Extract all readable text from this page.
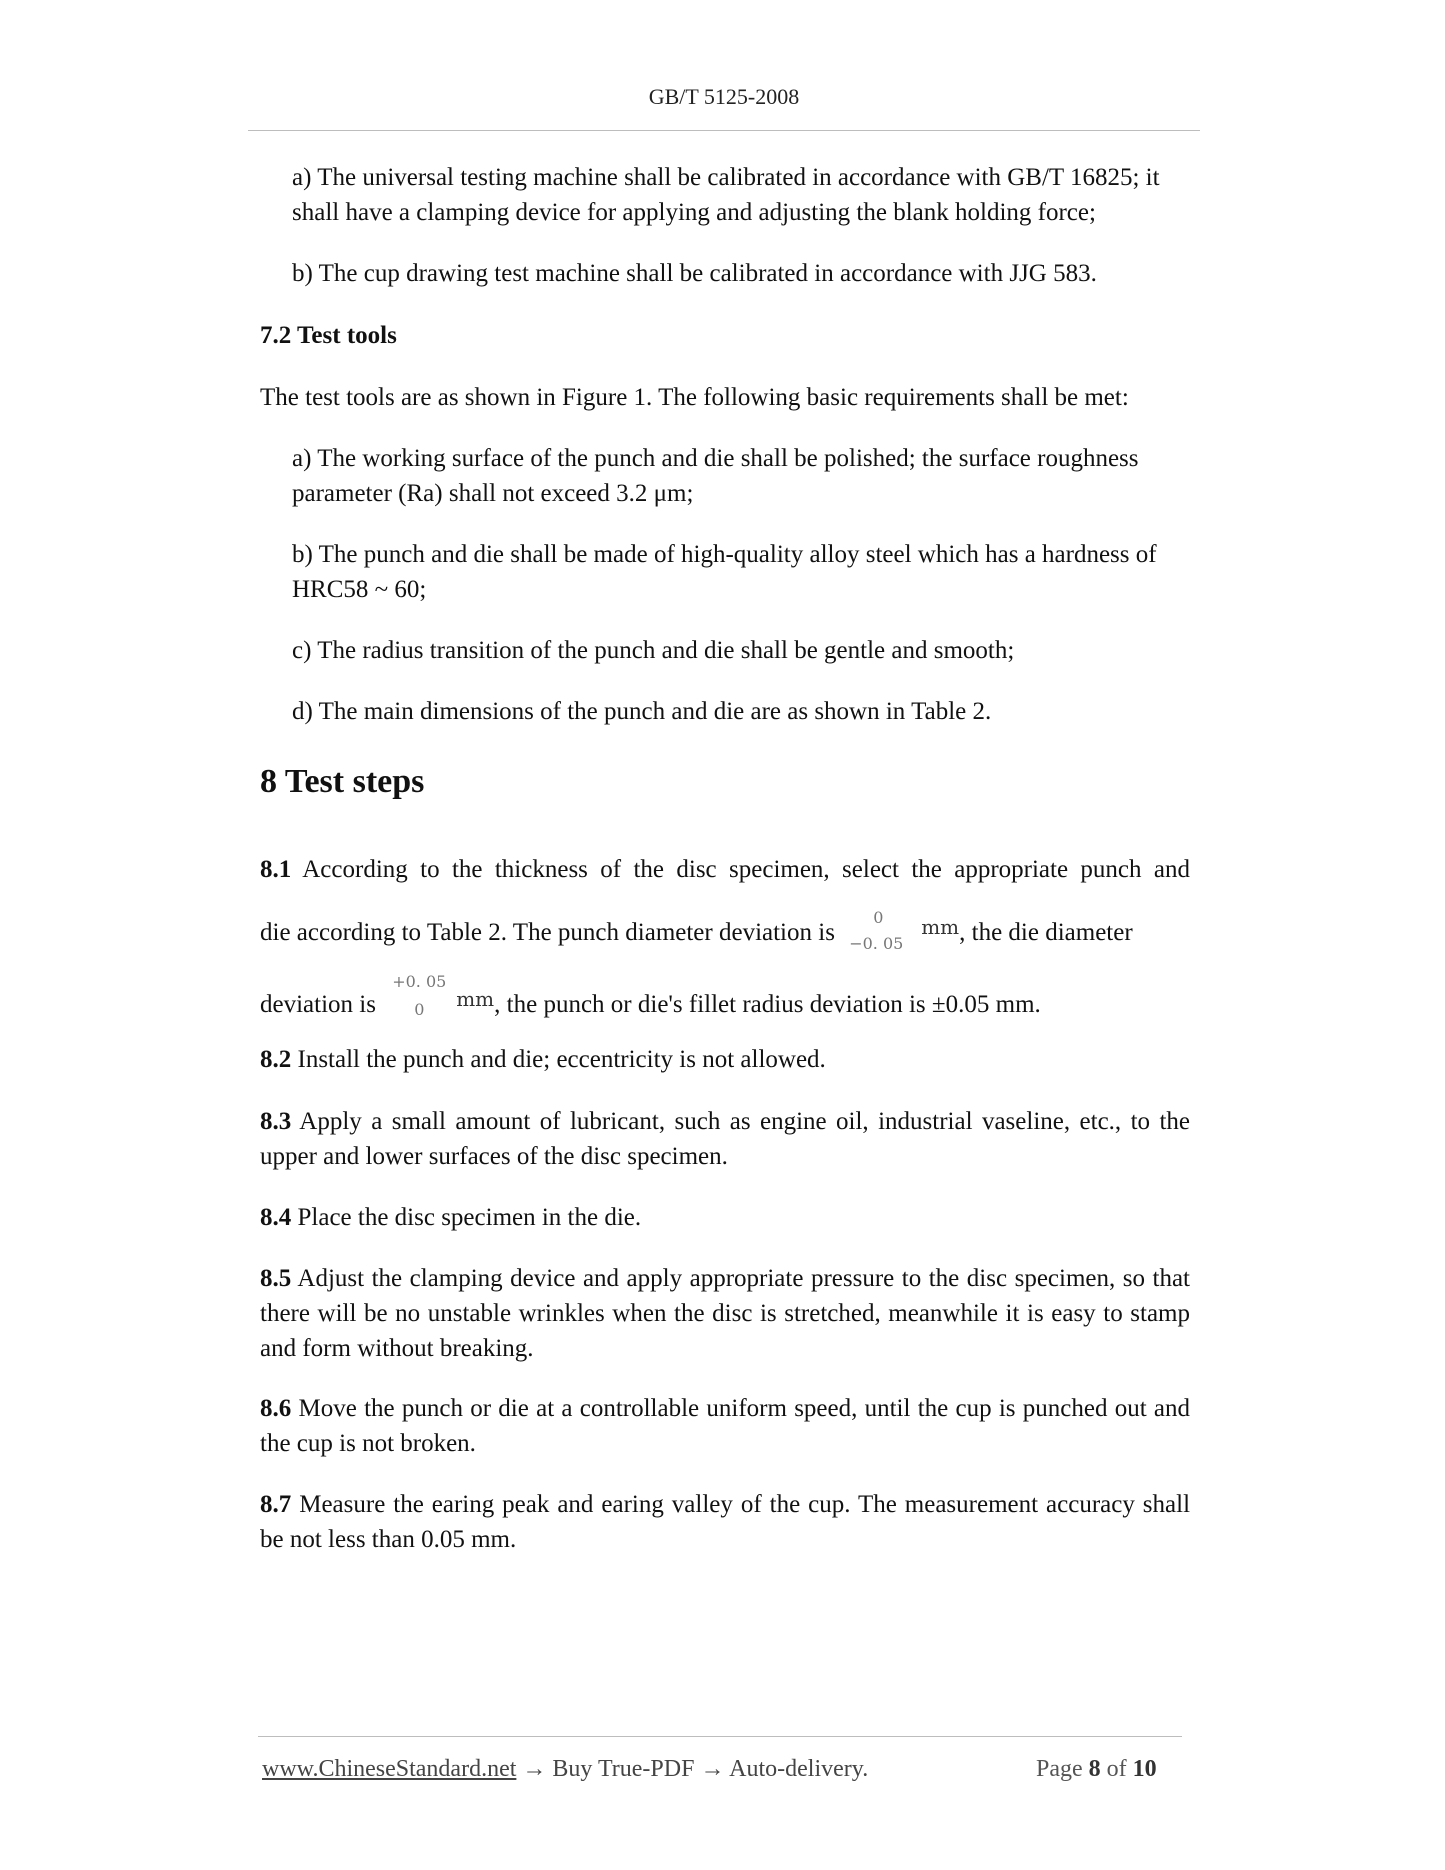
GB/T 5125-2008
a) The universal testing machine shall be calibrated in accordance with GB/T 16825; it shall have a clamping device for applying and adjusting the blank holding force;
b) The cup drawing test machine shall be calibrated in accordance with JJG 583.
7.2 Test tools
The test tools are as shown in Figure 1. The following basic requirements shall be met:
a) The working surface of the punch and die shall be polished; the surface roughness parameter (Ra) shall not exceed 3.2 μm;
b) The punch and die shall be made of high-quality alloy steel which has a hardness of HRC58 ~ 60;
c) The radius transition of the punch and die shall be gentle and smooth;
d) The main dimensions of the punch and die are as shown in Table 2.
8 Test steps
8.1 According to the thickness of the disc specimen, select the appropriate punch and
die according to Table 2. The punch diameter deviation is
0
−0. 05
$^{mm}$, the die diameter
deviation is
+0. 05
0 $^{mm}$, the punch or die's fillet radius deviation is ±0.05 mm.
8.2 Install the punch and die; eccentricity is not allowed.
8.3 Apply a small amount of lubricant, such as engine oil, industrial vaseline, etc., to the upper and lower surfaces of the disc specimen.
8.4 Place the disc specimen in the die.
8.5 Adjust the clamping device and apply appropriate pressure to the disc specimen, so that there will be no unstable wrinkles when the disc is stretched, meanwhile it is easy to stamp and form without breaking.
8.6 Move the punch or die at a controllable uniform speed, until the cup is punched out and the cup is not broken.
8.7 Measure the earing peak and earing valley of the cup. The measurement accuracy shall be not less than 0.05 mm.
www.ChineseStandard.net → Buy True-PDF → Auto-delivery.	Page 8 of 10
